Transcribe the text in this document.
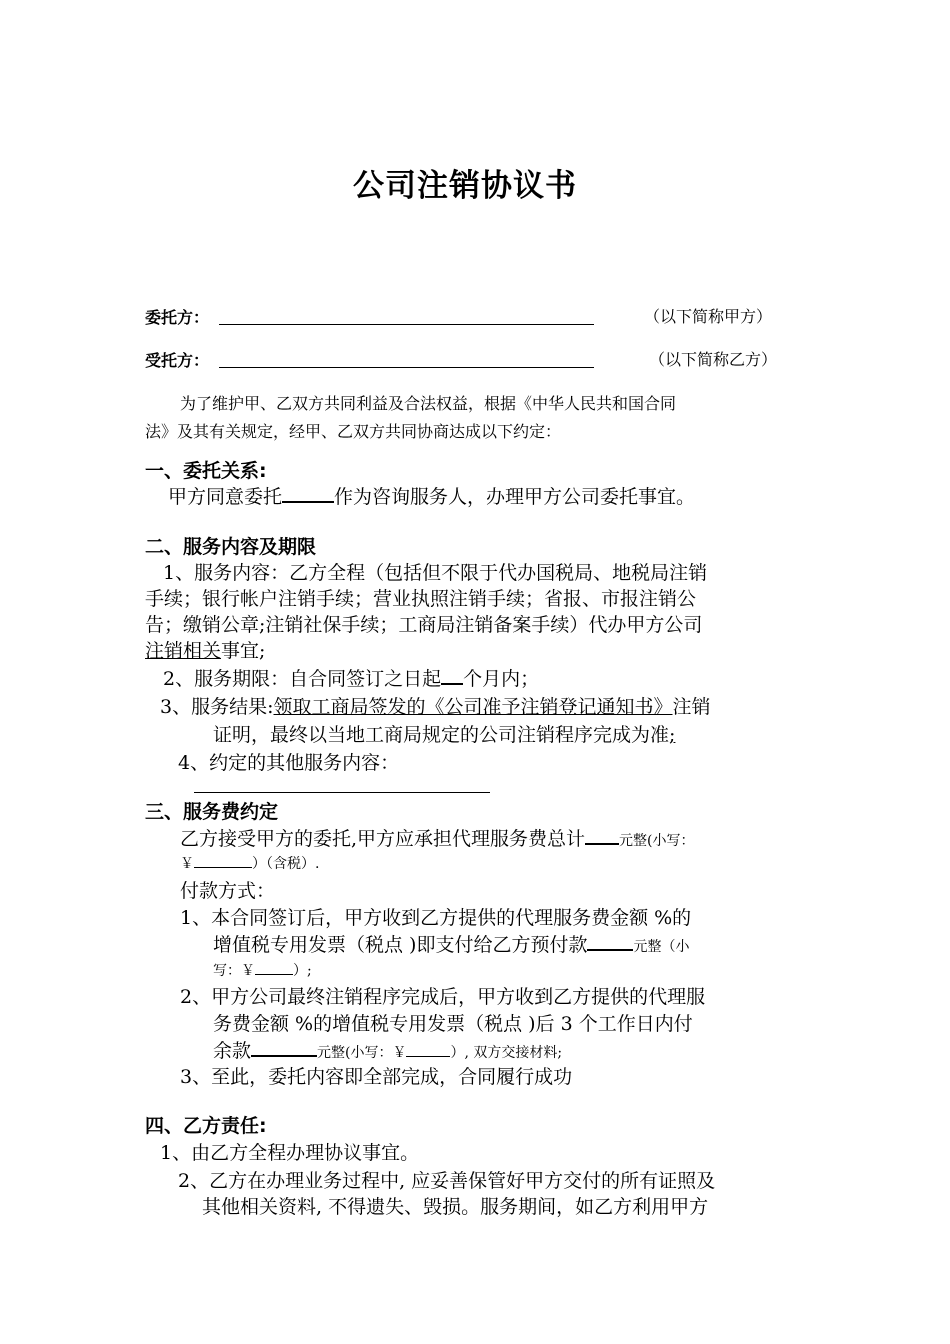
公司注销协议书
委托方：	（以下简称甲方）
受托方：	（以下简称乙方）
为了维护甲、乙双方共同利益及合法权益，根据《中华人民共和国合同
法》及其有关规定，经甲、乙双方共同协商达成以下约定：
一、委托关系:
甲方同意委托	作为咨询服务人，办理甲方公司委托事宜。
二、服务内容及期限
1、服务内容：乙方全程（包括但不限于代办国税局、地税局注销
手续；银行帐户注销手续；营业执照注销手续；省报、市报注销公
告；缴销公章;注销社保手续；工商局注销备案手续）代办甲方公司
注销相关事宜;
2、服务期限：自合同签订之日起 个月内；
3、服务结果:领取工商局签发的《公司准予注销登记通知书》注销
证明，最终以当地工商局规定的公司注销程序完成为准;
4、约定的其他服务内容：
三、服务费约定
乙方接受甲方的委托,甲方应承担代理服务费总计 元整(小写：
￥	）（含税）.
付款方式：
1、本合同签订后，甲方收到乙方提供的代理服务费金额 %的
增值税专用发票（税点 )即支付给乙方预付款	元整（小
写：￥	）;
2、甲方公司最终注销程序完成后，甲方收到乙方提供的代理服
务费金额 %的增值税专用发票（税点 )后 3 个工作日内付
余款	元整(小写：￥	）, 双方交接材料;
3、至此，委托内容即全部完成，合同履行成功
四、乙方责任:
1、由乙方全程办理协议事宜。
2、乙方在办理业务过程中, 应妥善保管好甲方交付的所有证照及
其他相关资料, 不得遗失、毁损。服务期间，如乙方利用甲方
